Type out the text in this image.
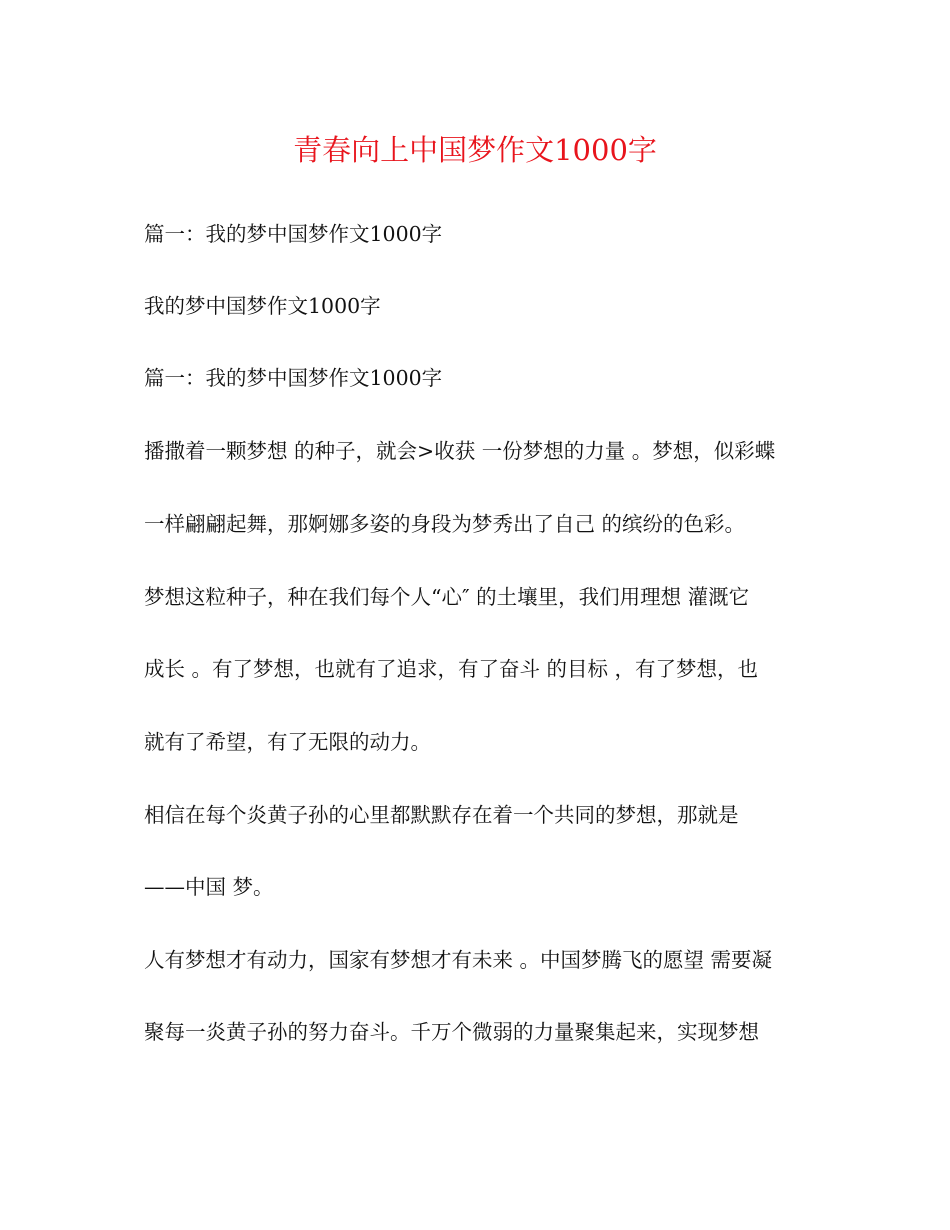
青春向上中国梦作文1000字

篇一：我的梦中国梦作文1000字

我的梦中国梦作文1000字

篇一：我的梦中国梦作文1000字

播撒着一颗梦想 的种子，就会>收获 一份梦想的力量 。梦想，似彩蝶

一样翩翩起舞，那婀娜多姿的身段为梦秀出了自己 的缤纷的色彩。

梦想这粒种子，种在我们每个人“心″ 的土壤里，我们用理想 灌溉它

成长 。有了梦想，也就有了追求，有了奋斗 的目标 ，有了梦想，也

就有了希望，有了无限的动力。

相信在每个炎黄子孙的心里都默默存在着一个共同的梦想，那就是

——中国 梦。

人有梦想才有动力，国家有梦想才有未来 。中国梦腾飞的愿望 需要凝

聚每一炎黄子孙的努力奋斗。千万个微弱的力量聚集起来，实现梦想
